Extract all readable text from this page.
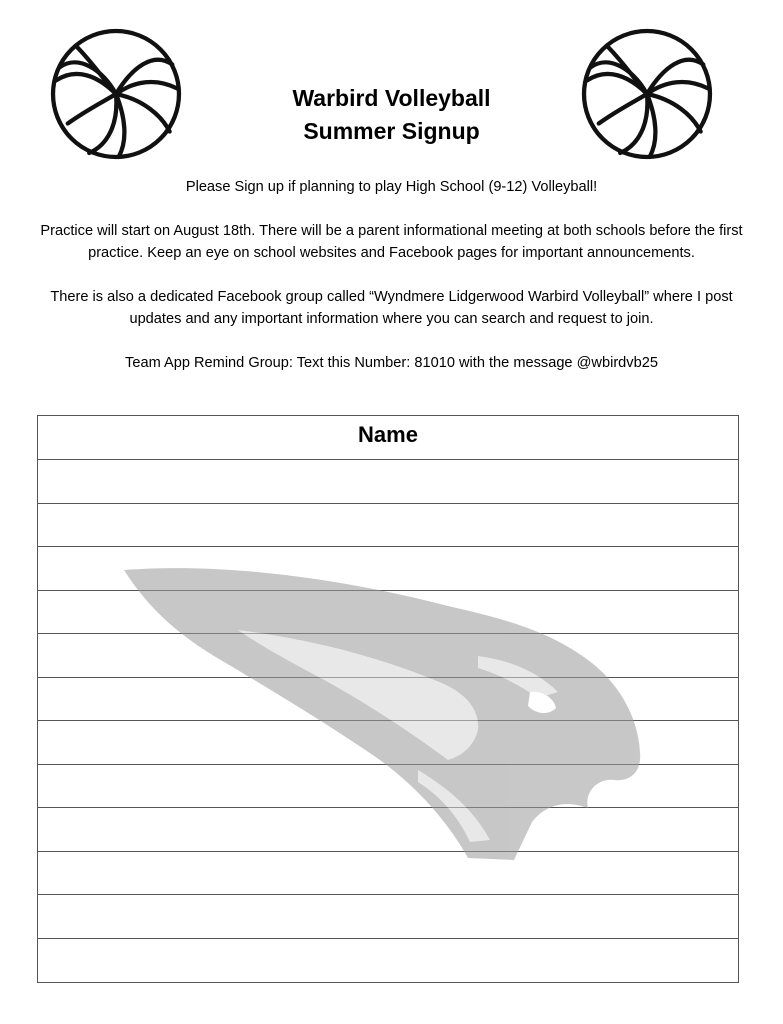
Warbird Volleyball
Summer Signup

Please Sign up if planning to play High School (9-12) Volleyball!

Practice will start on August 18th. There will be a parent informational meeting at both schools before the first practice. Keep an eye on school websites and Facebook pages for important announcements.

There is also a dedicated Facebook group called “Wyndmere Lidgerwood Warbird Volleyball” where I post updates and any important information where you can search and request to join.

Team App Remind Group: Text this Number: 81010 with the message @wbirdvb25

Name
